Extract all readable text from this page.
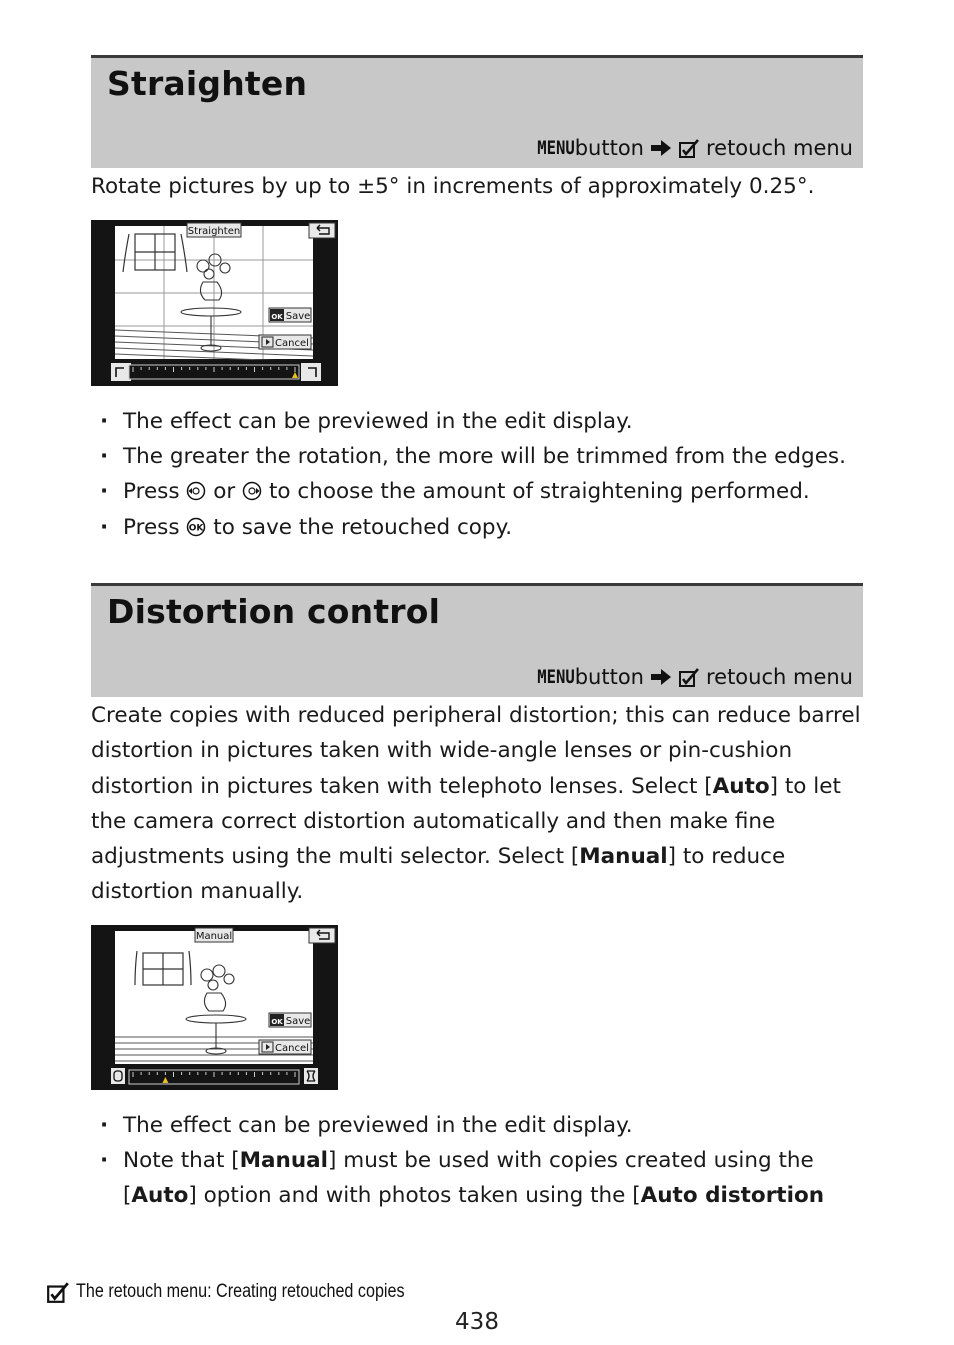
Straighten
MENU button	retouch menu
Rotate pictures by up to ±5° in increments of approximately 0.25°.
Straighten
OK Save
Cancel
· The effect can be previewed in the edit display.
· The greater the rotation, the more will be trimmed from the edges.
· Press or to choose the amount of straightening performed.
· Press OK to save the retouched copy.
Distortion control
MENU button	retouch menu
Create copies with reduced peripheral distortion; this can reduce barrel
distortion in pictures taken with wide-angle lenses or pin-cushion
distortion in pictures taken with telephoto lenses. Select [Auto] to let
the camera correct distortion automatically and then make fine
adjustments using the multi selector. Select [Manual] to reduce
distortion manually.
Manual
OK Save
Cancel
· The effect can be previewed in the edit display.
· Note that [Manual] must be used with copies created using the
[Auto] option and with photos taken using the [Auto distortion
The retouch menu: Creating retouched copies
438
